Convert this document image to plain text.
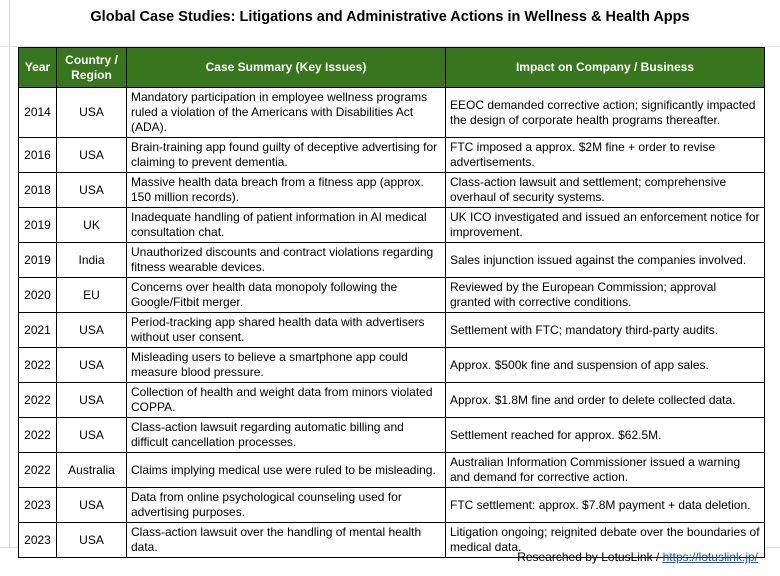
Global Case Studies: Litigations and Administrative Actions in Wellness & Health Apps
Year	Country / Region	Case Summary (Key Issues)	Impact on Company / Business
2014	USA	Mandatory participation in employee wellness programs ruled a violation of the Americans with Disabilities Act (ADA).	EEOC demanded corrective action; significantly impacted the design of corporate health programs thereafter.
2016	USA	Brain-training app found guilty of deceptive advertising for claiming to prevent dementia.	FTC imposed a approx. $2M fine + order to revise advertisements.
2018	USA	Massive health data breach from a fitness app (approx. 150 million records).	Class-action lawsuit and settlement; comprehensive overhaul of security systems.
2019	UK	Inadequate handling of patient information in AI medical consultation chat.	UK ICO investigated and issued an enforcement notice for improvement.
2019	India	Unauthorized discounts and contract violations regarding fitness wearable devices.	Sales injunction issued against the companies involved.
2020	EU	Concerns over health data monopoly following the Google/Fitbit merger.	Reviewed by the European Commission; approval granted with corrective conditions.
2021	USA	Period-tracking app shared health data with advertisers without user consent.	Settlement with FTC; mandatory third-party audits.
2022	USA	Misleading users to believe a smartphone app could measure blood pressure.	Approx. $500k fine and suspension of app sales.
2022	USA	Collection of health and weight data from minors violated COPPA.	Approx. $1.8M fine and order to delete collected data.
2022	USA	Class-action lawsuit regarding automatic billing and difficult cancellation processes.	Settlement reached for approx. $62.5M.
2022	Australia	Claims implying medical use were ruled to be misleading.	Australian Information Commissioner issued a warning and demand for corrective action.
2023	USA	Data from online psychological counseling used for advertising purposes.	FTC settlement: approx. $7.8M payment + data deletion.
2023	USA	Class-action lawsuit over the handling of mental health data.	Litigation ongoing; reignited debate over the boundaries of medical data.
Researched by LotusLink / https://lotuslink.jp/
